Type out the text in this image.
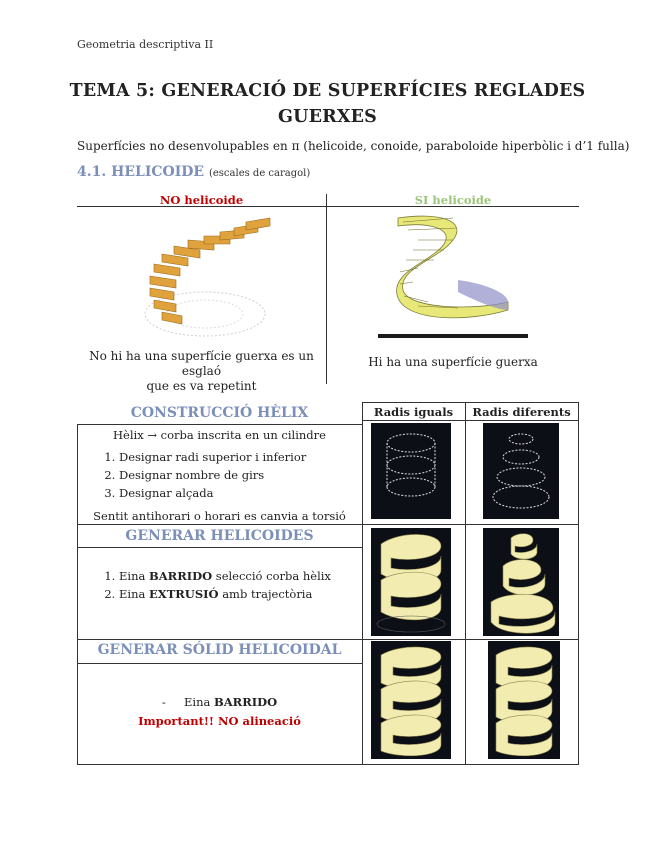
Geometria descriptiva II
TEMA 5: GENERACIÓ DE SUPERFÍCIES REGLADES
GUERXES
Superfícies no desenvolupables en π (helicoide, conoide, paraboloide hiperbòlic i d’1 fulla)
4.1. HELICOIDE (escales de caragol)
NO helicoide	SI helicoide
No hi ha una superfície guerxa es un esglaó
que es va repetint
Hi ha una superfície guerxa
Radis iguals	Radis diferents
CONSTRUCCIÓ HÈLIX
Hèlix → corba inscrita en un cilindre
1. Designar radi superior i inferior
2. Designar nombre de girs
3. Designar alçada
Sentit antihorari o horari es canvia a torsió
GENERAR HELICOIDES
1. Eina BARRIDO selecció corba hèlix
2. Eina EXTRUSIÓ amb trajectòria
GENERAR SÓLID HELICOIDAL
- Eina BARRIDO
Important!! NO alineació
